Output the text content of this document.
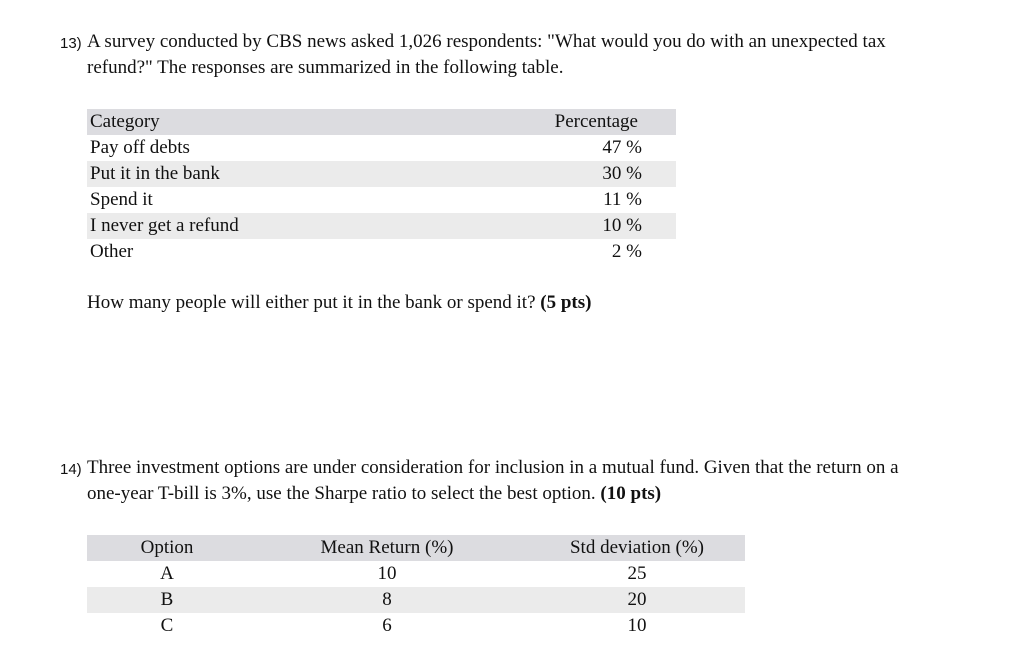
13) A survey conducted by CBS news asked 1,026 respondents: "What would you do with an unexpected tax
refund?" The responses are summarized in the following table.
Category	Percentage
Pay off debts	47 %
Put it in the bank	30 %
Spend it	11 %
I never get a refund	10 %
Other	2 %
How many people will either put it in the bank or spend it? (5 pts)
14) Three investment options are under consideration for inclusion in a mutual fund. Given that the return on a
one-year T-bill is 3%, use the Sharpe ratio to select the best option. (10 pts)
Option	Mean Return (%)	Std deviation (%)
A	10	25
B	8	20
C	6	10
